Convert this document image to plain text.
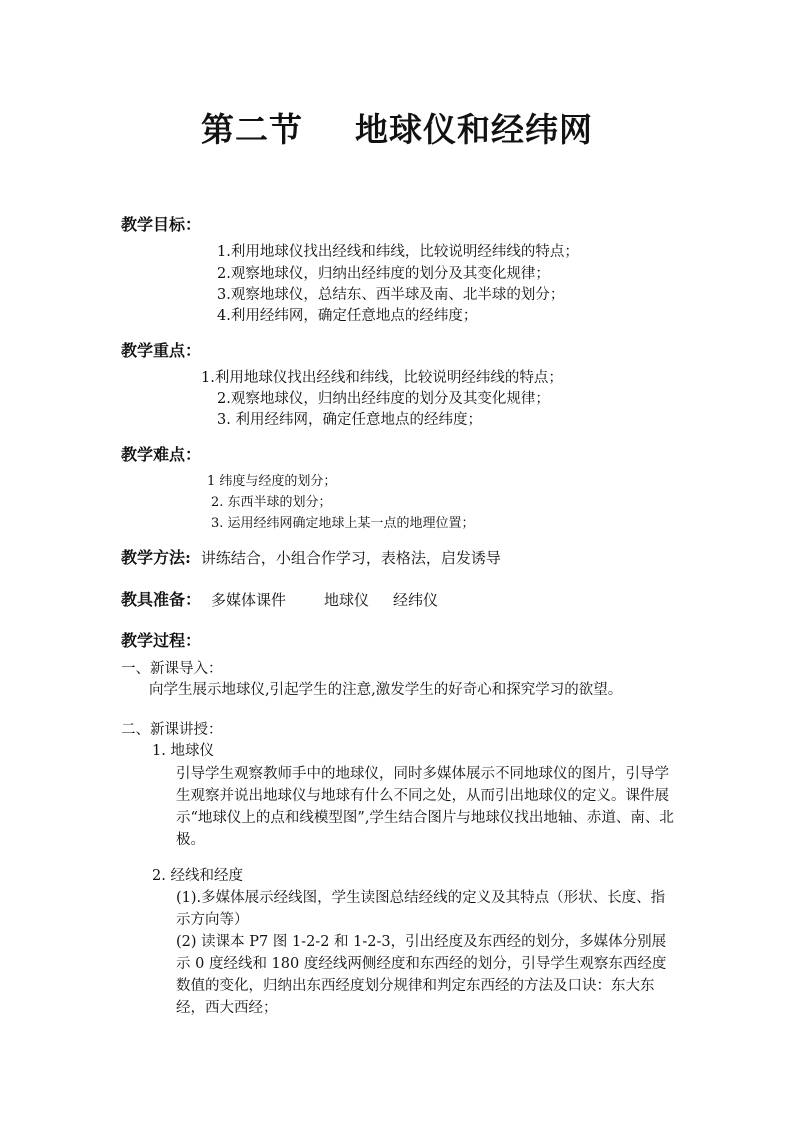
第二节 地球仪和经纬网
教学目标：
1.利用地球仪找出经线和纬线，比较说明经纬线的特点；
2.观察地球仪，归纳出经纬度的划分及其变化规律；
3.观察地球仪，总结东、西半球及南、北半球的划分；
4.利用经纬网，确定任意地点的经纬度；
教学重点：
1.利用地球仪找出经线和纬线，比较说明经纬线的特点；
2.观察地球仪，归纳出经纬度的划分及其变化规律；
3. 利用经纬网，确定任意地点的经纬度；
教学难点：
1 纬度与经度的划分；
2. 东西半球的划分；
3. 运用经纬网确定地球上某一点的地理位置；
教学方法: 讲练结合，小组合作学习，表格法，启发诱导
教具准备： 多媒体课件	地球仪 经纬仪
教学过程：
一、新课导入：
向学生展示地球仪,引起学生的注意,激发学生的好奇心和探究学习的欲望。
二、新课讲授：
1. 地球仪
引导学生观察教师手中的地球仪，同时多媒体展示不同地球仪的图片，引导学生观察并说出地球仪与地球有什么不同之处，从而引出地球仪的定义。课件展示“地球仪上的点和线模型图”,学生结合图片与地球仪找出地轴、赤道、南、北极。
2. 经线和经度
(1).多媒体展示经线图，学生读图总结经线的定义及其特点（形状、长度、指示方向等）
(2) 读课本 P7 图 1-2-2 和 1-2-3，引出经度及东西经的划分，多媒体分别展示 0 度经线和 180 度经线两侧经度和东西经的划分，引导学生观察东西经度数值的变化，归纳出东西经度划分规律和判定东西经的方法及口诀：东大东经，西大西经；
